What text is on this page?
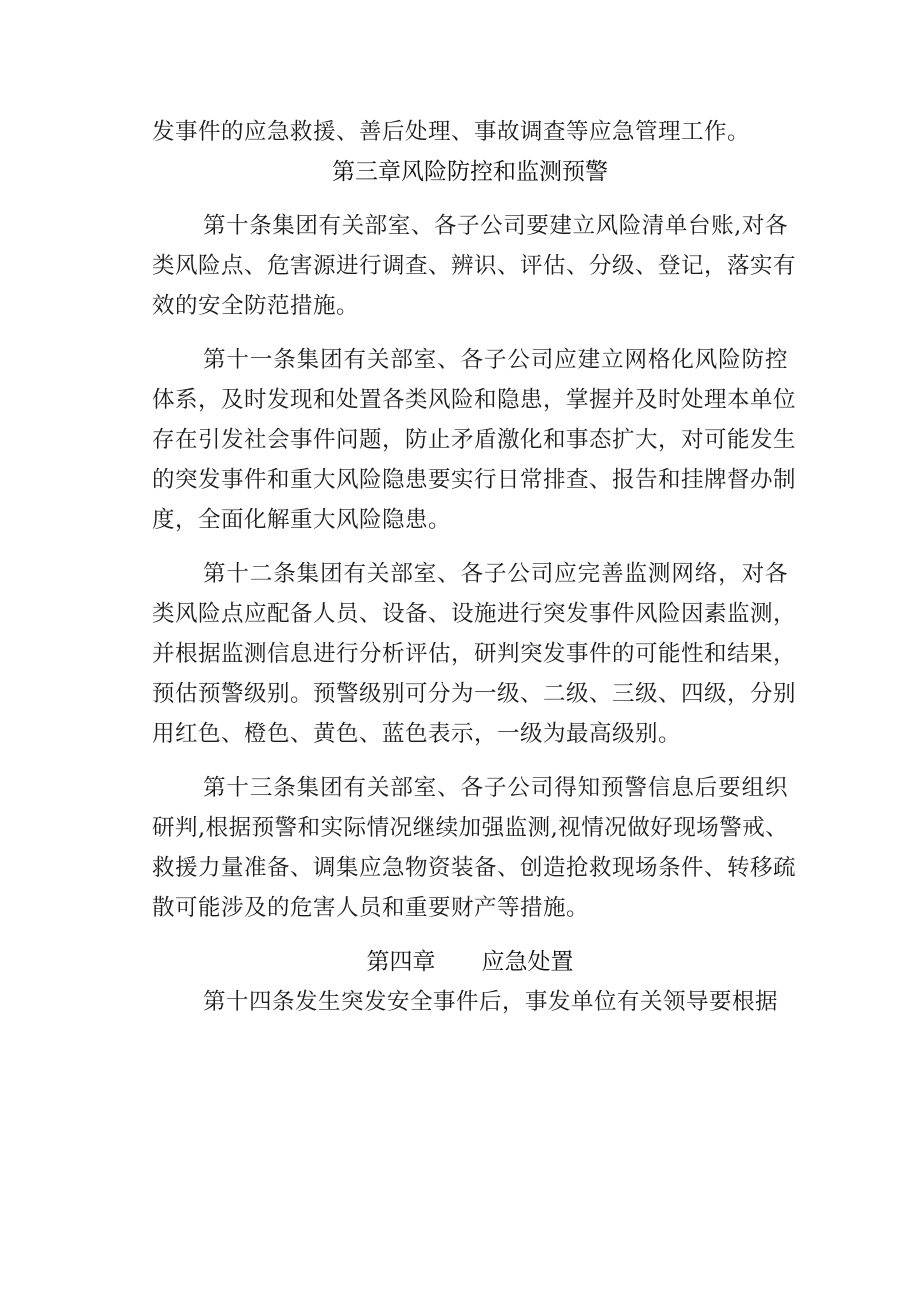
发事件的应急救援、善后处理、事故调查等应急管理工作。
第三章风险防控和监测预警
第十条集团有关部室、各子公司要建立风险清单台账,对各
类风险点、危害源进行调查、辨识、评估、分级、登记，落实有
效的安全防范措施。
第十一条集团有关部室、各子公司应建立网格化风险防控
体系，及时发现和处置各类风险和隐患，掌握并及时处理本单位
存在引发社会事件问题，防止矛盾激化和事态扩大，对可能发生
的突发事件和重大风险隐患要实行日常排查、报告和挂牌督办制
度，全面化解重大风险隐患。
第十二条集团有关部室、各子公司应完善监测网络，对各
类风险点应配备人员、设备、设施进行突发事件风险因素监测，
并根据监测信息进行分析评估，研判突发事件的可能性和结果，
预估预警级别。预警级别可分为一级、二级、三级、四级，分别
用红色、橙色、黄色、蓝色表示，一级为最高级别。
第十三条集团有关部室、各子公司得知预警信息后要组织
研判,根据预警和实际情况继续加强监测,视情况做好现场警戒、
救援力量准备、调集应急物资装备、创造抢救现场条件、转移疏
散可能涉及的危害人员和重要财产等措施。
第四章 应急处置
第十四条发生突发安全事件后，事发单位有关领导要根据
